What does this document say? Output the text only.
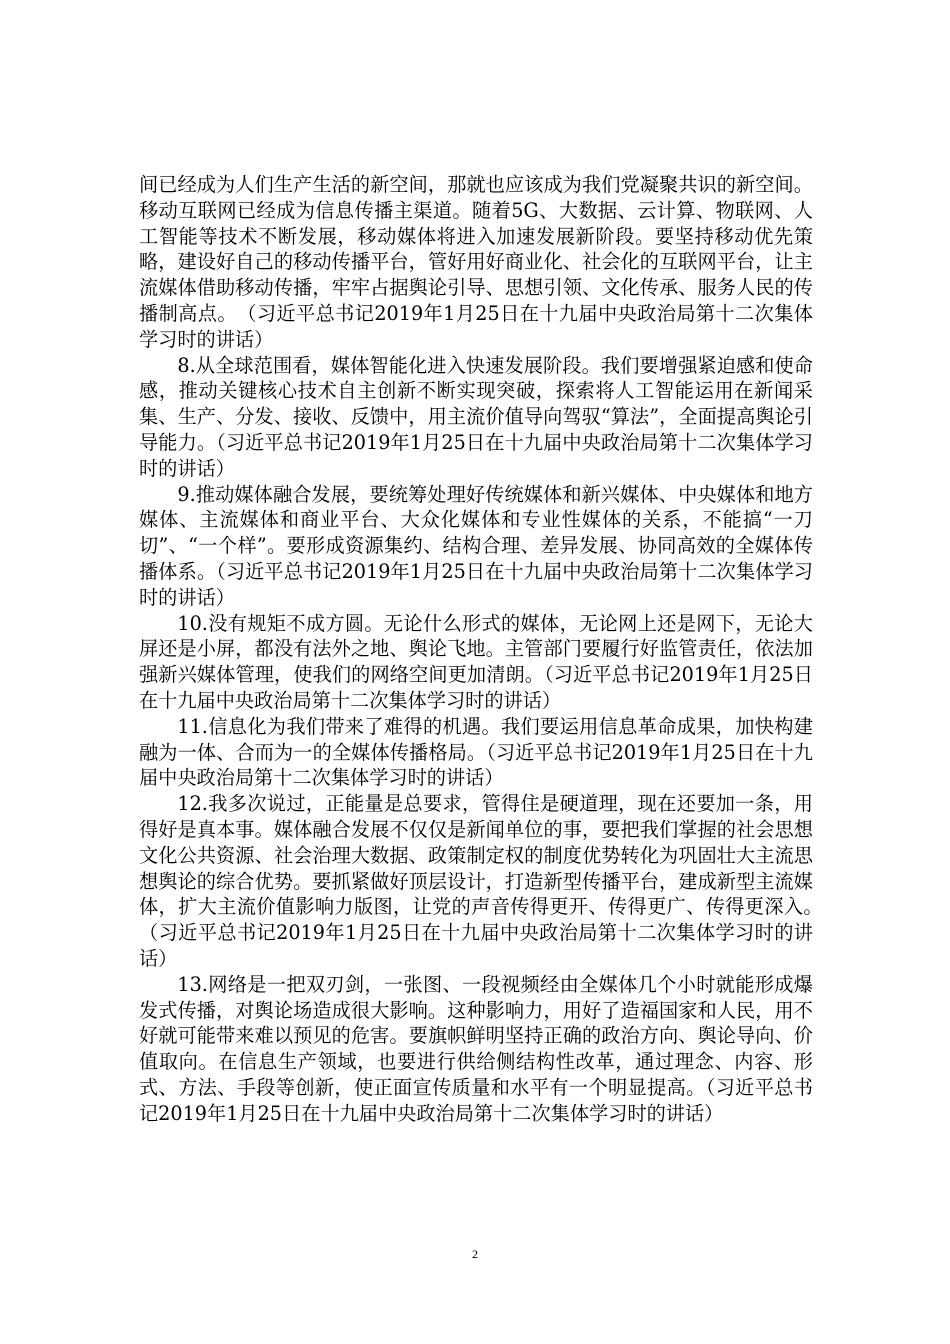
间已经成为人们生产生活的新空间，那就也应该成为我们党凝聚共识的新空间。移动互联网已经成为信息传播主渠道。随着5G、大数据、云计算、物联网、人工智能等技术不断发展，移动媒体将进入加速发展新阶段。要坚持移动优先策略，建设好自己的移动传播平台，管好用好商业化、社会化的互联网平台，让主流媒体借助移动传播，牢牢占据舆论引导、思想引领、文化传承、服务人民的传播制高点。　（习近平总书记2019年1月25日在十九届中央政治局第十二次集体学习时的讲话）

8.从全球范围看，媒体智能化进入快速发展阶段。我们要增强紧迫感和使命感，推动关键核心技术自主创新不断实现突破，探索将人工智能运用在新闻采集、生产、分发、接收、反馈中，用主流价值导向驾驭“算法”，全面提高舆论引导能力。（习近平总书记2019年1月25日在十九届中央政治局第十二次集体学习时的讲话）

9.推动媒体融合发展，要统筹处理好传统媒体和新兴媒体、中央媒体和地方媒体、主流媒体和商业平台、大众化媒体和专业性媒体的关系，不能搞“一刀切”、“一个样”。要形成资源集约、结构合理、差异发展、协同高效的全媒体传播体系。（习近平总书记2019年1月25日在十九届中央政治局第十二次集体学习时的讲话）

10.没有规矩不成方圆。无论什么形式的媒体，无论网上还是网下，无论大屏还是小屏，都没有法外之地、舆论飞地。主管部门要履行好监管责任，依法加强新兴媒体管理，使我们的网络空间更加清朗。（习近平总书记2019年1月25日在十九届中央政治局第十二次集体学习时的讲话）

11.信息化为我们带来了难得的机遇。我们要运用信息革命成果，加快构建融为一体、合而为一的全媒体传播格局。（习近平总书记2019年1月25日在十九届中央政治局第十二次集体学习时的讲话）

12.我多次说过，正能量是总要求，管得住是硬道理，现在还要加一条，用得好是真本事。媒体融合发展不仅仅是新闻单位的事，要把我们掌握的社会思想文化公共资源、社会治理大数据、政策制定权的制度优势转化为巩固壮大主流思想舆论的综合优势。要抓紧做好顶层设计，打造新型传播平台，建成新型主流媒体，扩大主流价值影响力版图，让党的声音传得更开、传得更广、传得更深入。　（习近平总书记2019年1月25日在十九届中央政治局第十二次集体学习时的讲话）

13.网络是一把双刃剑，一张图、一段视频经由全媒体几个小时就能形成爆发式传播，对舆论场造成很大影响。这种影响力，用好了造福国家和人民，用不好就可能带来难以预见的危害。要旗帜鲜明坚持正确的政治方向、舆论导向、价值取向。在信息生产领域，也要进行供给侧结构性改革，通过理念、内容、形式、方法、手段等创新，使正面宣传质量和水平有一个明显提高。（习近平总书记2019年1月25日在十九届中央政治局第十二次集体学习时的讲话）

2
